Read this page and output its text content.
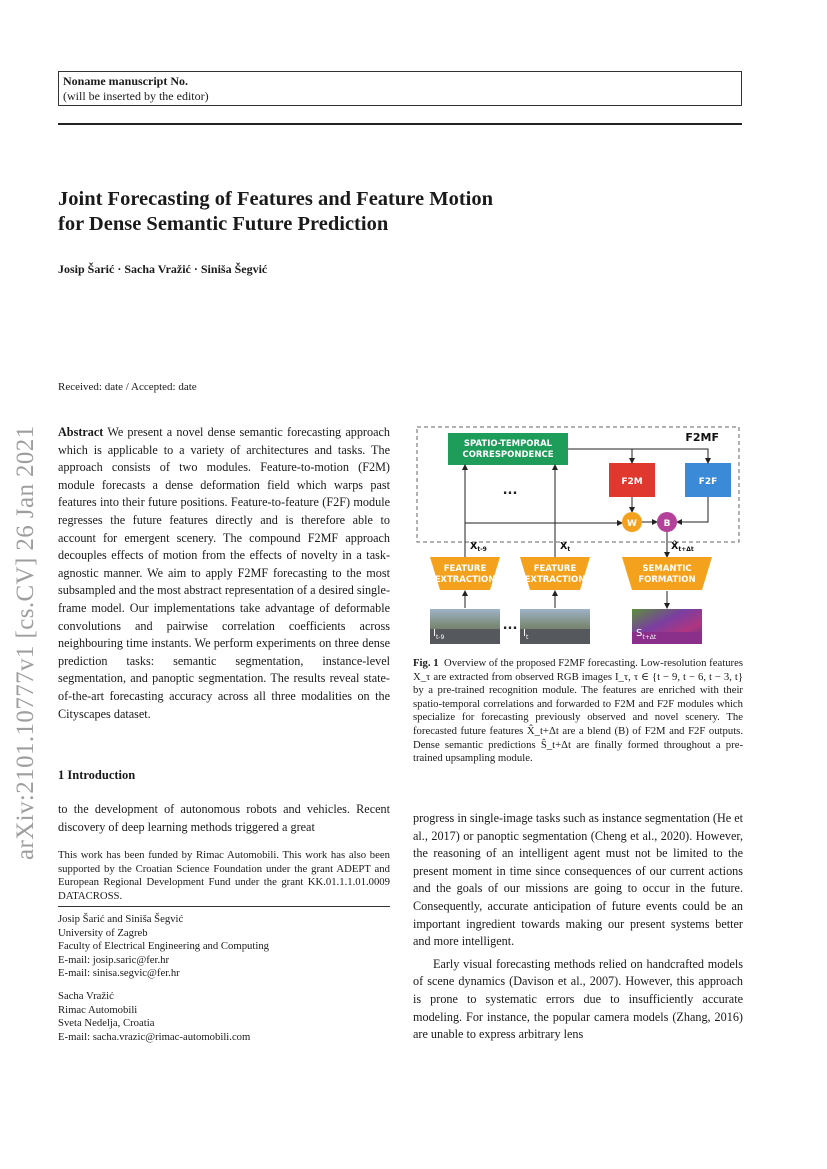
Noname manuscript No.
(will be inserted by the editor)
Joint Forecasting of Features and Feature Motion
for Dense Semantic Future Prediction
Josip Šarić · Sacha Vražić · Siniša Šegvić
arXiv:2101.10777v1 [cs.CV] 26 Jan 2021
Received: date / Accepted: date
Abstract We present a novel dense semantic forecasting approach which is applicable to a variety of architectures and tasks. The approach consists of two modules. Feature-to-motion (F2M) module forecasts a dense deformation field which warps past features into their future positions. Feature-to-feature (F2F) module regresses the future features directly and is therefore able to account for emergent scenery. The compound F2MF approach decouples effects of motion from the effects of novelty in a task-agnostic manner. We aim to apply F2MF forecasting to the most subsampled and the most abstract representation of a desired single-frame model. Our implementations take advantage of deformable convolutions and pairwise correlation coefficients across neighbouring time instants. We perform experiments on three dense prediction tasks: semantic segmentation, instance-level segmentation, and panoptic segmentation. The results reveal state-of-the-art forecasting accuracy across all three modalities on the Cityscapes dataset.
1 Introduction
to the development of autonomous robots and vehicles. Recent discovery of deep learning methods triggered a great
This work has been funded by Rimac Automobili. This work has also been supported by the Croatian Science Foundation under the grant ADEPT and European Regional Development Fund under the grant KK.01.1.1.01.0009 DATACROSS.
Josip Šarić and Siniša Šegvić
University of Zagreb
Faculty of Electrical Engineering and Computing
E-mail: josip.saric@fer.hr
E-mail: sinisa.segvic@fer.hr
Sacha Vražić
Rimac Automobili
Sveta Nedelja, Croatia
E-mail: sacha.vrazic@rimac-automobili.com
F2MF
SPATIO-TEMPORAL
CORRESPONDENCE
F2M	F2F
W	B
...
$X_{t-9}$	$X_t$	$X̂_{t+\Delta t}$
FEATURE
EXTRACTION
FEATURE
EXTRACTION
SEMANTIC
FORMATION
$I_{t-9}$
...
$I_t$	$S_{t+\Delta t}$
Fig. 1 Overview of the proposed F2MF forecasting. Low-resolution features X_τ are extracted from observed RGB images I_τ, τ ∈ {t − 9, t − 6, t − 3, t} by a pre-trained recognition module. The features are enriched with their spatio-temporal correlations and forwarded to F2M and F2F modules which specialize for forecasting previously observed and novel scenery. The forecasted future features X̂_t+Δt are a blend (B) of F2M and F2F outputs. Dense semantic predictions Ŝ_t+Δt are finally formed throughout a pre-trained upsampling module.

progress in single-image tasks such as instance segmentation (He et al., 2017) or panoptic segmentation (Cheng et al., 2020). However, the reasoning of an intelligent agent must not be limited to the present moment in time since consequences of our current actions and the goals of our missions are going to occur in the future. Consequently, accurate anticipation of future events could be an important ingredient towards making our present systems better and more intelligent.

Early visual forecasting methods relied on handcrafted models of scene dynamics (Davison et al., 2007). However, this approach is prone to systematic errors due to insufficiently accurate modeling. For instance, the popular camera models (Zhang, 2016) are unable to express arbitrary lens
